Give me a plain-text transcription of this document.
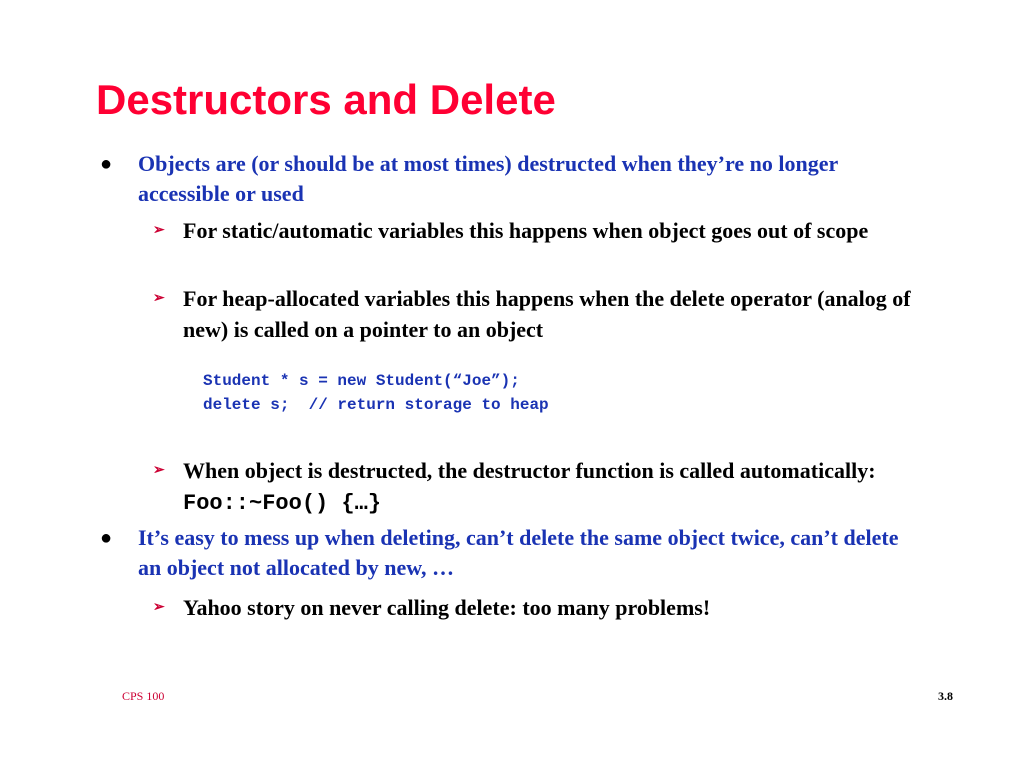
Destructors and Delete
● Objects are (or should be at most times) destructed when they’re no longer accessible or used
➢ For static/automatic variables this happens when object goes out of scope
➢ For heap-allocated variables this happens when the delete operator (analog of new) is called on a pointer to an object
Student * s = new Student(“Joe”);
delete s;  // return storage to heap
➢ When object is destructed, the destructor function is called automatically: Foo::~Foo() {…}
● It’s easy to mess up when deleting, can’t delete the same object twice, can’t delete an object not allocated by new, …
➢ Yahoo story on never calling delete: too many problems!
CPS 100	3.8
